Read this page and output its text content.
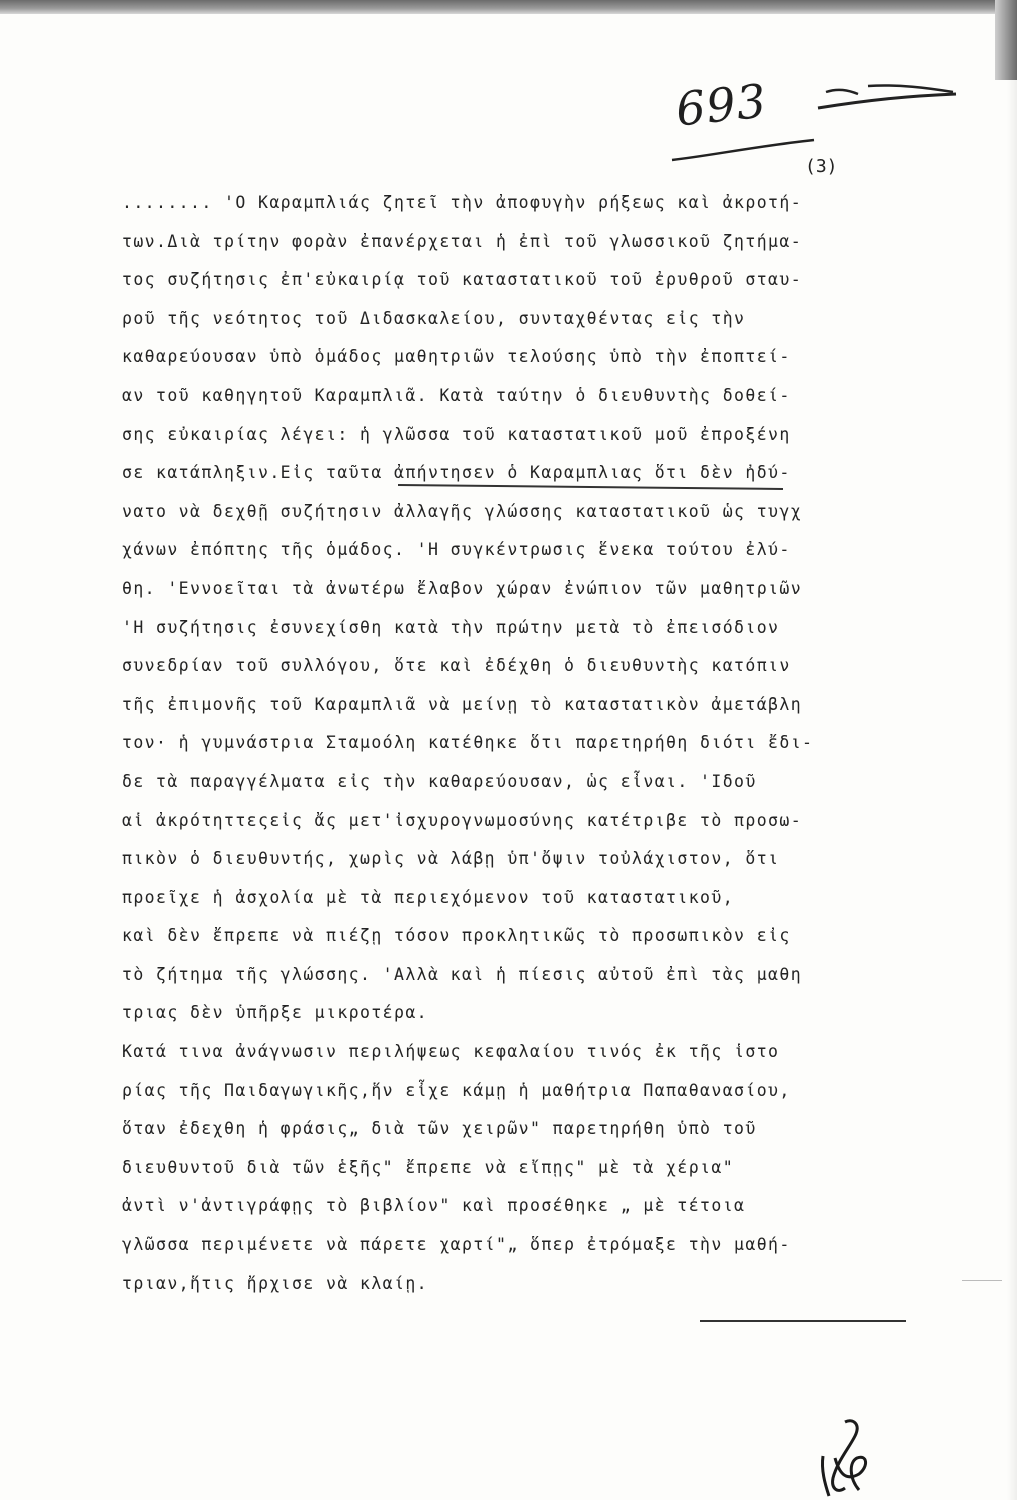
693
(3)
........ 'Ο Καραμπλιάς ζητεῖ τὴν ἀποφυγὴν ρήξεως καὶ ἀκροτή-
των.Διὰ τρίτην φορὰν ἐπανέρχεται ἡ ἐπὶ τοῦ γλωσσικοῦ ζητήμα-
τος συζήτησις ἐπ'εὐκαιρίᾳ τοῦ καταστατικοῦ τοῦ ἐρυθροῦ σταυ-
ροῦ τῆς νεότητος τοῦ Διδασκαλείου, συνταχθέντας εἰς τὴν
καθαρεύουσαν ὑπὸ ὁμάδος μαθητριῶν τελούσης ὑπὸ τὴν ἐποπτεί-
αν τοῦ καθηγητοῦ Καραμπλιᾶ. Κατὰ ταύτην ὁ διευθυντὴς δοθεί-
σης εὐκαιρίας λέγει: ἡ γλῶσσα τοῦ καταστατικοῦ μοῦ ἐπροξένη
σε κατάπληξιν.Εἰς ταῦτα ἀπήντησεν ὁ Καραμπλιας ὅτι δὲν ἠδύ-
νατο νὰ δεχθῇ συζήτησιν ἀλλαγῆς γλώσσης καταστατικοῦ ὡς τυγχ
χάνων ἐπόπτης τῆς ὁμάδος. 'Η συγκέντρωσις ἕνεκα τούτου ἐλύ-
θη. 'Εννοεῖται τὰ ἀνωτέρω ἔλαβον χώραν ἐνώπιον τῶν μαθητριῶν
'Η συζήτησις ἐσυνεχίσθη κατὰ τὴν πρώτην μετὰ τὸ ἐπεισόδιον
συνεδρίαν τοῦ συλλόγου, ὅτε καὶ ἐδέχθη ὁ διευθυντὴς κατόπιν
τῆς ἐπιμονῆς τοῦ Καραμπλιᾶ νὰ μείνῃ τὸ καταστατικὸν ἀμετάβλη
τον· ἡ γυμνάστρια Σταμοόλη κατέθηκε ὅτι παρετηρήθη διότι ἔδι-
δε τὰ παραγγέλματα εἰς τὴν καθαρεύουσαν, ὡς εἶναι. 'Ιδοῦ
αἱ ἀκρότηττεςεἰς ἄς μετ'ἰσχυρογνωμοσύνης κατέτριβε τὸ προσω-
πικὸν ὁ διευθυντής, χωρὶς νὰ λάβῃ ὑπ'ὄψιν τοὐλάχιστον, ὅτι
προεῖχε ἡ ἀσχολία μὲ τὰ περιεχόμενον τοῦ καταστατικοῦ,
καὶ δὲν ἔπρεπε νὰ πιέζῃ τόσον προκλητικῶς τὸ προσωπικὸν εἰς
τὸ ζήτημα τῆς γλώσσης. 'Αλλὰ καὶ ἡ πίεσις αὐτοῦ ἐπὶ τὰς μαθη
τριας δὲν ὑπῆρξε μικροτέρα.
Κατά τινα ἀνάγνωσιν περιλήψεως κεφαλαίου τινός ἐκ τῆς ἱστο
ρίας τῆς Παιδαγωγικῆς,ἥν εἶχε κάμῃ ἡ μαθήτρια Παπαθανασίου,
ὅταν ἐδεχθη ἡ φράσις„ διὰ τῶν χειρῶν" παρετηρήθη ὑπὸ τοῦ
διευθυντοῦ διὰ τῶν ἑξῆς" ἔπρεπε νὰ εἴπῃς" μὲ τὰ χέρια"
ἀντὶ ν'ἀντιγράφῃς τὸ βιβλίον" καὶ προσέθηκε „ μὲ τέτοια
γλῶσσα περιμένετε νὰ πάρετε χαρτί"„ ὅπερ ἐτρόμαξε τὴν μαθή-
τριαν,ἥτις ἤρχισε νὰ κλαίῃ.
